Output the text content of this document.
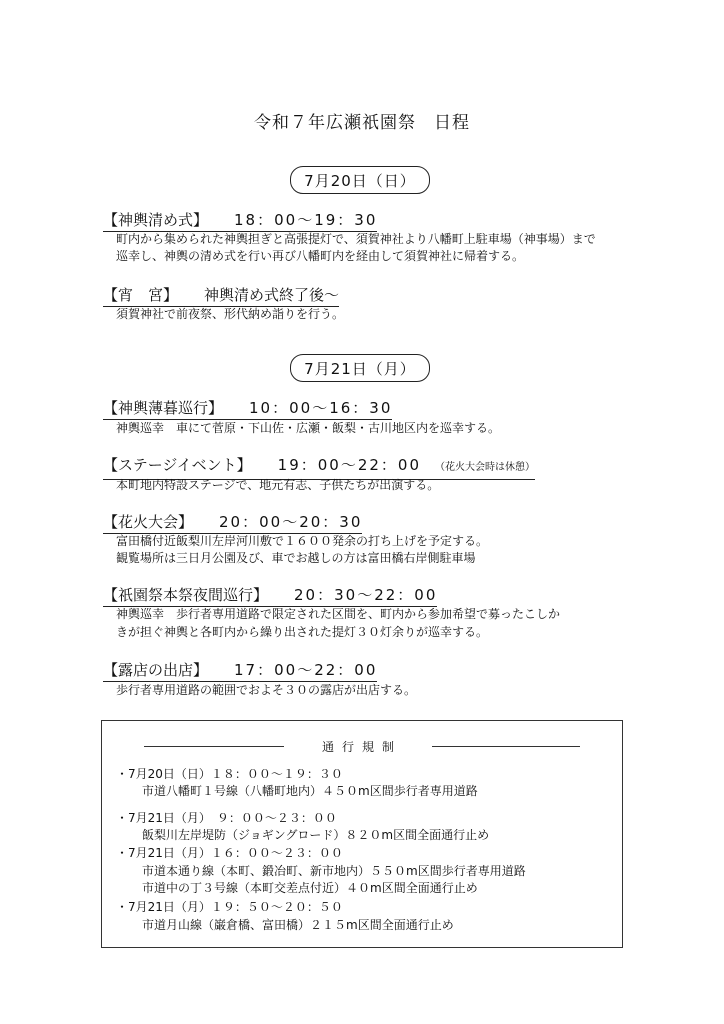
令和７年広瀬祇園祭　日程
7月20日（日）
【神輿清め式】 18：00～19：30
町内から集められた神輿担ぎと高張提灯で、須賀神社より八幡町上駐車場（神事場）まで
巡幸し、神輿の清め式を行い再び八幡町内を経由して須賀神社に帰着する。
【宵　宮】 神輿清め式終了後～
須賀神社で前夜祭、形代納め詣りを行う。
7月21日（月）
【神輿薄暮巡行】 10：00～16：30
神輿巡幸　車にて菅原・下山佐・広瀬・飯梨・古川地区内を巡幸する。
【ステージイベント】 19：00～22：00 （花火大会時は休憩）
本町地内特設ステージで、地元有志、子供たちが出演する。
【花火大会】 20：00～20：30
富田橋付近飯梨川左岸河川敷で１６００発余の打ち上げを予定する。
観覧場所は三日月公園及び、車でお越しの方は富田橋右岸側駐車場
【祇園祭本祭夜間巡行】 20：30～22：00
神輿巡幸　歩行者専用道路で限定された区間を、町内から参加希望で募ったこしか
きが担ぐ神輿と各町内から繰り出された提灯３０灯余りが巡幸する。
【露店の出店】 17：00～22：00
歩行者専用道路の範囲でおよそ３０の露店が出店する。
通行規制
・7月20日（日）１８：００～１９：３０
市道八幡町１号線（八幡町地内）４５０m区間歩行者専用道路
・7月21日（月）　９：００～２３：００
飯梨川左岸堤防（ジョギングロード）８２０m区間全面通行止め
・7月21日（月）１６：００～２３：００
市道本通り線（本町、鍛冶町、新市地内）５５０m区間歩行者専用道路
市道中の丁３号線（本町交差点付近）４０m区間全面通行止め
・7月21日（月）１９：５０～２０：５０
市道月山線（巌倉橋、富田橋）２１５m区間全面通行止め
